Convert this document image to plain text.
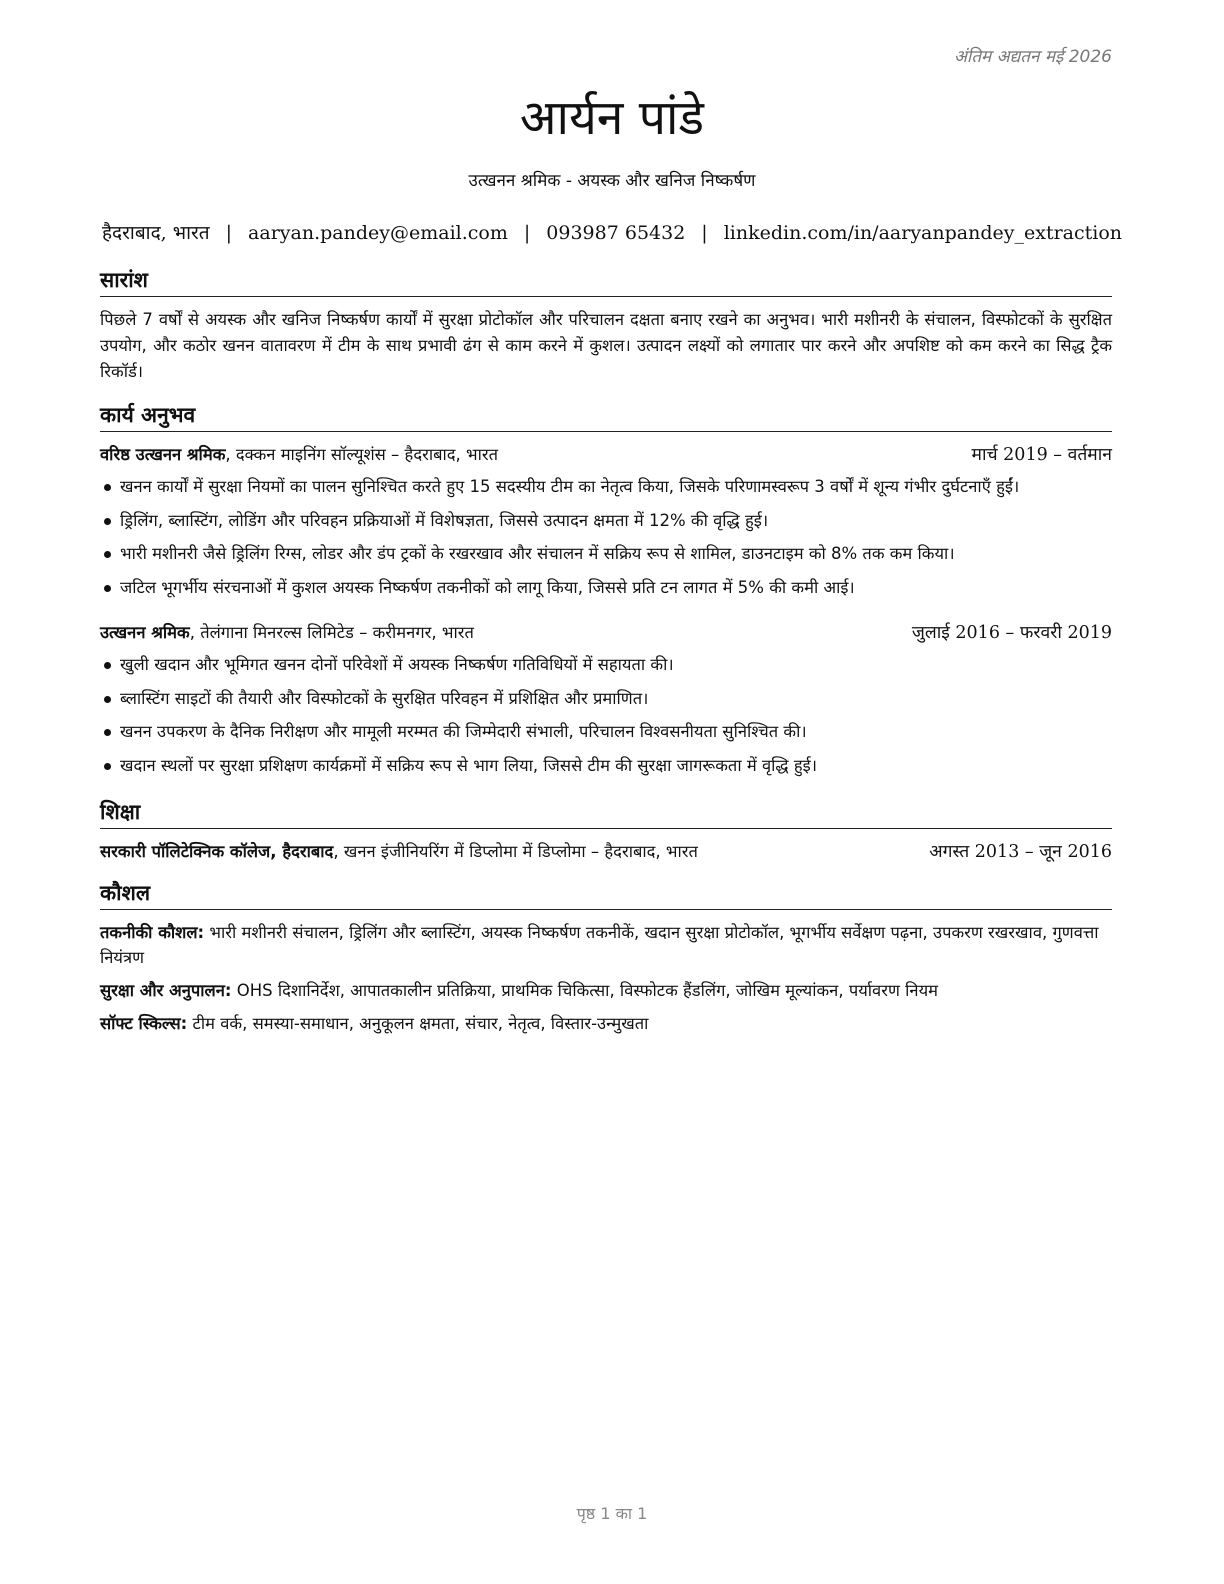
अंतिम अद्यतन मई 2026
आर्यन पांडे
उत्खनन श्रमिक - अयस्क और खनिज निष्कर्षण
हैदराबाद, भारत | aaryan.pandey@email.com | 093987 65432 | linkedin.com/in/aaryanpandey_extraction
सारांश

पिछले 7 वर्षों से अयस्क और खनिज निष्कर्षण कार्यों में सुरक्षा प्रोटोकॉल और परिचालन दक्षता बनाए रखने का अनुभव। भारी मशीनरी के संचालन, विस्फोटकों के सुरक्षित उपयोग, और कठोर खनन वातावरण में टीम के साथ प्रभावी ढंग से काम करने में कुशल। उत्पादन लक्ष्यों को लगातार पार करने और अपशिष्ट को कम करने का सिद्ध ट्रैक रिकॉर्ड।

कार्य अनुभव
वरिष्ठ उत्खनन श्रमिक, दक्कन माइनिंग सॉल्यूशंस – हैदराबाद, भारत	मार्च 2019 – वर्तमान
खनन कार्यों में सुरक्षा नियमों का पालन सुनिश्चित करते हुए 15 सदस्यीय टीम का नेतृत्व किया, जिसके परिणामस्वरूप 3 वर्षों में शून्य गंभीर दुर्घटनाएँ हुईं।
ड्रिलिंग, ब्लास्टिंग, लोडिंग और परिवहन प्रक्रियाओं में विशेषज्ञता, जिससे उत्पादन क्षमता में 12% की वृद्धि हुई।
भारी मशीनरी जैसे ड्रिलिंग रिग्स, लोडर और डंप ट्रकों के रखरखाव और संचालन में सक्रिय रूप से शामिल, डाउनटाइम को 8% तक कम किया।
जटिल भूगर्भीय संरचनाओं में कुशल अयस्क निष्कर्षण तकनीकों को लागू किया, जिससे प्रति टन लागत में 5% की कमी आई।
उत्खनन श्रमिक, तेलंगाना मिनरल्स लिमिटेड – करीमनगर, भारत	जुलाई 2016 – फरवरी 2019
खुली खदान और भूमिगत खनन दोनों परिवेशों में अयस्क निष्कर्षण गतिविधियों में सहायता की।
ब्लास्टिंग साइटों की तैयारी और विस्फोटकों के सुरक्षित परिवहन में प्रशिक्षित और प्रमाणित।
खनन उपकरण के दैनिक निरीक्षण और मामूली मरम्मत की जिम्मेदारी संभाली, परिचालन विश्वसनीयता सुनिश्चित की।
खदान स्थलों पर सुरक्षा प्रशिक्षण कार्यक्रमों में सक्रिय रूप से भाग लिया, जिससे टीम की सुरक्षा जागरूकता में वृद्धि हुई।
शिक्षा
सरकारी पॉलिटेक्निक कॉलेज, हैदराबाद, खनन इंजीनियरिंग में डिप्लोमा में डिप्लोमा – हैदराबाद, भारत	अगस्त 2013 – जून 2016
कौशल

तकनीकी कौशल: भारी मशीनरी संचालन, ड्रिलिंग और ब्लास्टिंग, अयस्क निष्कर्षण तकनीकें, खदान सुरक्षा प्रोटोकॉल, भूगर्भीय सर्वेक्षण पढ़ना, उपकरण रखरखाव, गुणवत्ता नियंत्रण

सुरक्षा और अनुपालन: OHS दिशानिर्देश, आपातकालीन प्रतिक्रिया, प्राथमिक चिकित्सा, विस्फोटक हैंडलिंग, जोखिम मूल्यांकन, पर्यावरण नियम

सॉफ्ट स्किल्स: टीम वर्क, समस्या-समाधान, अनुकूलन क्षमता, संचार, नेतृत्व, विस्तार-उन्मुखता

पृष्ठ 1 का 1
